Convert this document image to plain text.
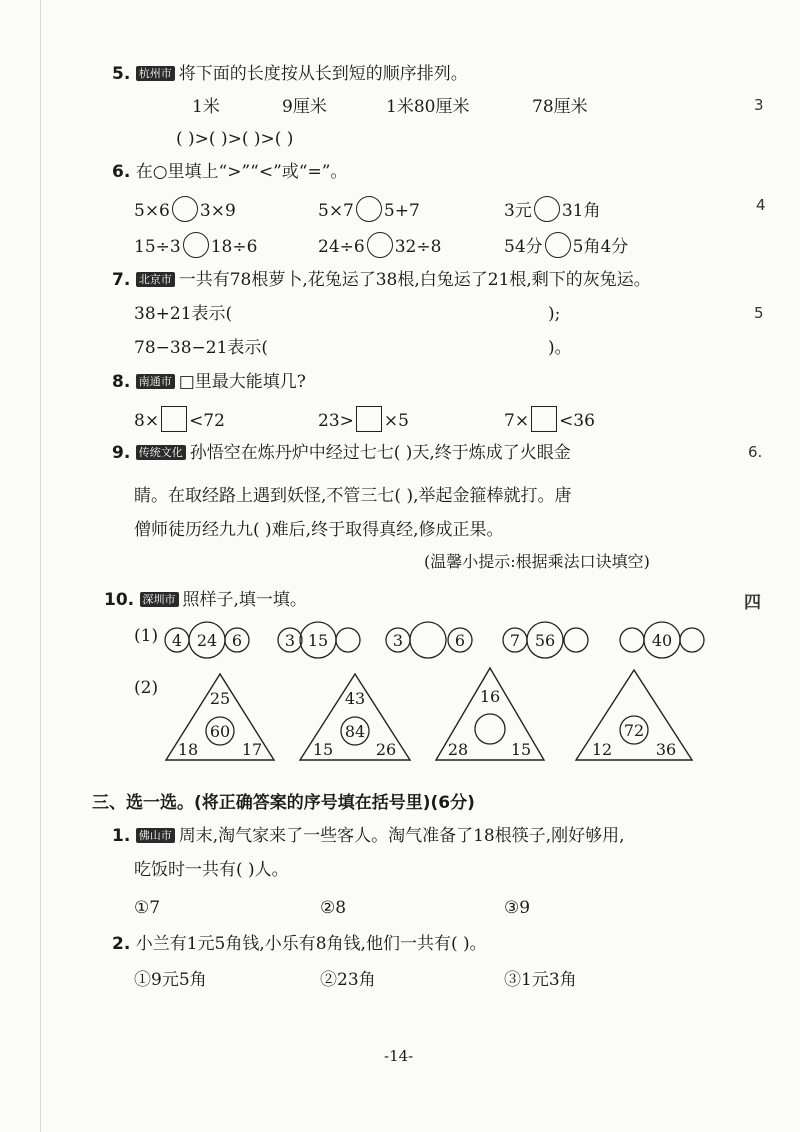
5. 杭州市 将下面的长度按从长到短的顺序排列。
1米	9厘米	1米80厘米	78厘米
( )>( )>( )>( )
6. 在○里填上“>”“<”或“=”。
5×6 3×9	5×7 5+7	3元 31角
15÷3 18÷6	24÷6 32÷8	54分 5角4分
7. 北京市 一共有78根萝卜,花兔运了38根,白兔运了21根,剩下的灰兔运。
38+21表示(	);
78−38−21表示(	)。
8. 南通市 □里最大能填几?
8× <72	23> ×5	7× <36
9. 传统文化 孙悟空在炼丹炉中经过七七( )天,终于炼成了火眼金
睛。在取经路上遇到妖怪,不管三七( ),举起金箍棒就打。唐
僧师徒历经九九( )难后,终于取得真经,修成正果。
(温馨小提示:根据乘法口诀填空)
10. 深圳市 照样子,填一填。
(1)
(2)
4 24 6	3 15	3	6	7 56	40
25
60
18	17
43
84
15	26
16
28	15
72
12	36
三、选一选。(将正确答案的序号填在括号里)(6分)
1. 佛山市 周末,淘气家来了一些客人。淘气准备了18根筷子,刚好够用,
吃饭时一共有( )人。
①7	②8	③9
2. 小兰有1元5角钱,小乐有8角钱,他们一共有( )。
①9元5角	②23角	③1元3角
-14-
3
4
5
6.
四
